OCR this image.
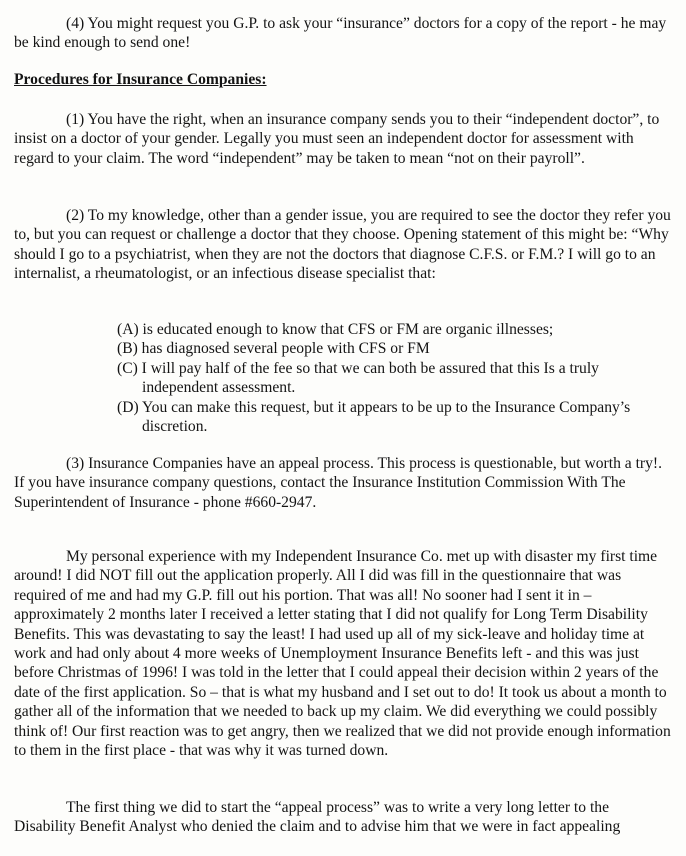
(4) You might request you G.P. to ask your “insurance” doctors for a copy of the report - he may be kind enough to send one!

Procedures for Insurance Companies:

(1) You have the right, when an insurance company sends you to their “independent doctor”, to insist on a doctor of your gender. Legally you must seen an independent doctor for assessment with regard to your claim. The word “independent” may be taken to mean “not on their payroll”.

(2) To my knowledge, other than a gender issue, you are required to see the doctor they refer you to, but you can request or challenge a doctor that they choose. Opening statement of this might be: “Why should I go to a psychiatrist, when they are not the doctors that diagnose C.F.S. or F.M.? I will go to an internalist, a rheumatologist, or an infectious disease specialist that:

(A) is educated enough to know that CFS or FM are organic illnesses;
(B) has diagnosed several people with CFS or FM
(C) I will pay half of the fee so that we can both be assured that this Is a truly independent assessment.
(D) You can make this request, but it appears to be up to the Insurance Company’s discretion.

(3) Insurance Companies have an appeal process. This process is questionable, but worth a try!. If you have insurance company questions, contact the Insurance Institution Commission With The Superintendent of Insurance - phone #660-2947.

My personal experience with my Independent Insurance Co. met up with disaster my first time around! I did NOT fill out the application properly. All I did was fill in the questionnaire that was required of me and had my G.P. fill out his portion. That was all! No sooner had I sent it in – approximately 2 months later I received a letter stating that I did not qualify for Long Term Disability Benefits. This was devastating to say the least! I had used up all of my sick-leave and holiday time at work and had only about 4 more weeks of Unemployment Insurance Benefits left - and this was just before Christmas of 1996! I was told in the letter that I could appeal their decision within 2 years of the date of the first application. So – that is what my husband and I set out to do! It took us about a month to gather all of the information that we needed to back up my claim. We did everything we could possibly think of! Our first reaction was to get angry, then we realized that we did not provide enough information to them in the first place - that was why it was turned down.

The first thing we did to start the “appeal process” was to write a very long letter to the Disability Benefit Analyst who denied the claim and to advise him that we were in fact appealing
